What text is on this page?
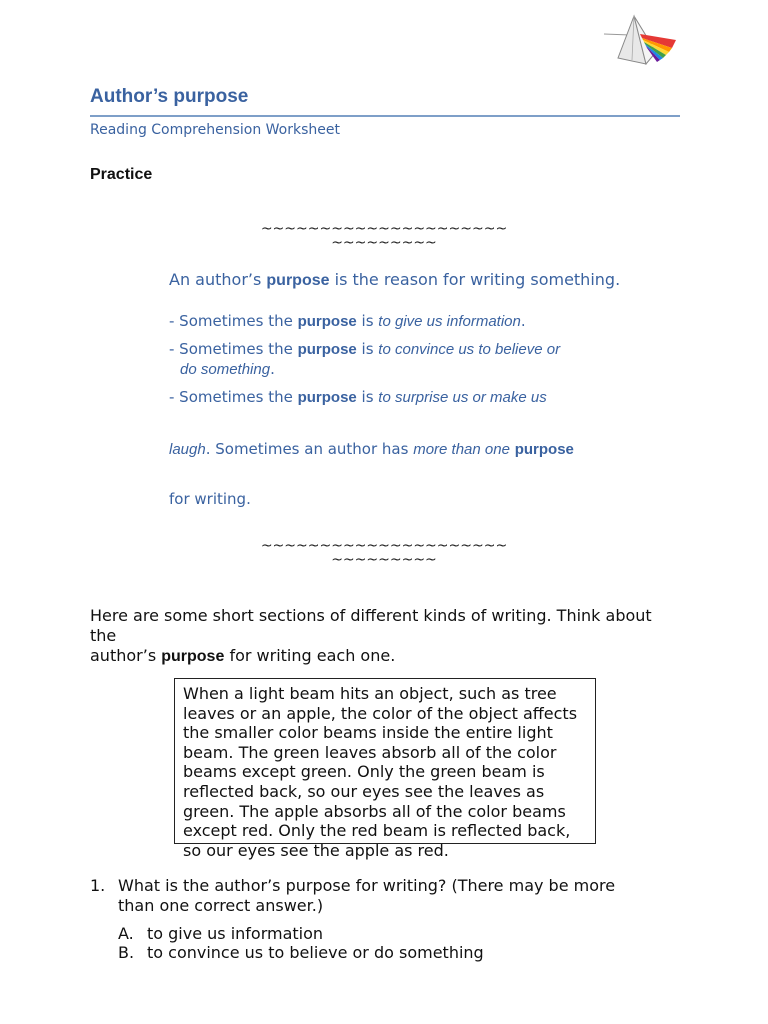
Author’s purpose
Reading Comprehension Worksheet
Practice
~~~~~~~~~~~~~~~~~~~~~
~~~~~~~~~
An author’s purpose is the reason for writing something.
- Sometimes the purpose is to give us information.
- Sometimes the purpose is to convince us to believe or
do something.
- Sometimes the purpose is to surprise us or make us
laugh. Sometimes an author has more than one purpose
for writing.
~~~~~~~~~~~~~~~~~~~~~
~~~~~~~~~
Here are some short sections of different kinds of writing. Think about
the
author’s purpose for writing each one.
When a light beam hits an object, such as tree
leaves or an apple, the color of the object affects
the smaller color beams inside the entire light
beam. The green leaves absorb all of the color
beams except green. Only the green beam is
reflected back, so our eyes see the leaves as
green. The apple absorbs all of the color beams
except red. Only the red beam is reflected back,
so our eyes see the apple as red.
1. What is the author’s purpose for writing? (There may be more
than one correct answer.)
A. to give us information
B. to convince us to believe or do something
